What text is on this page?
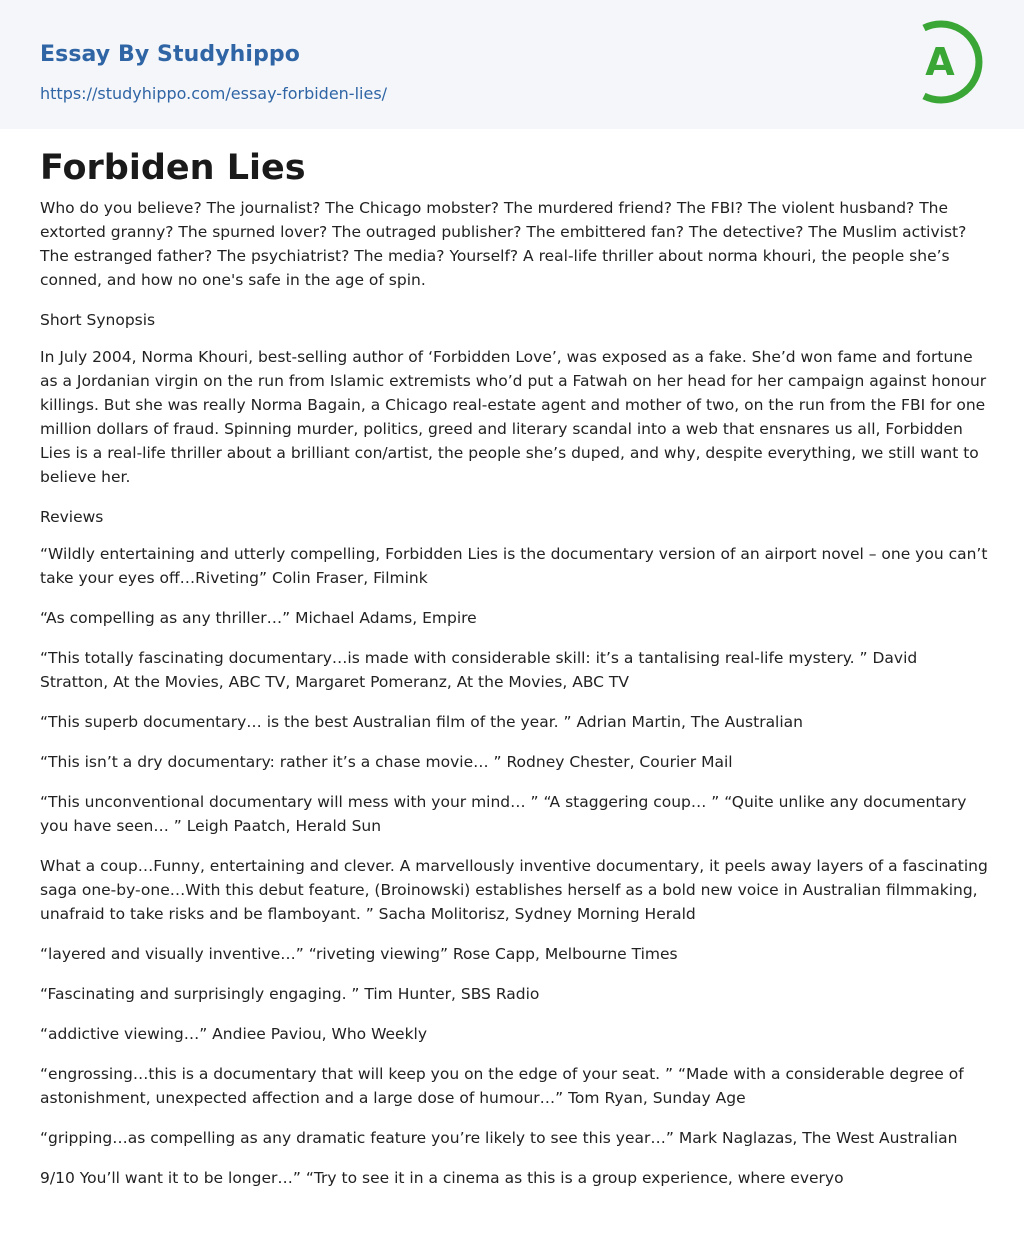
Essay By Studyhippo
https://studyhippo.com/essay-forbiden-lies/
A
Forbiden Lies

Who do you believe? The journalist? The Chicago mobster? The murdered friend? The FBI? The violent husband? The extorted granny? The spurned lover? The outraged publisher? The embittered fan? The detective? The Muslim activist? The estranged father? The psychiatrist? The media? Yourself? A real-life thriller about norma khouri, the people she’s conned, and how no one's safe in the age of spin.

Short Synopsis

In July 2004, Norma Khouri, best-selling author of ‘Forbidden Love’, was exposed as a fake. She’d won fame and fortune as a Jordanian virgin on the run from Islamic extremists who’d put a Fatwah on her head for her campaign against honour killings. But she was really Norma Bagain, a Chicago real-estate agent and mother of two, on the run from the FBI for one million dollars of fraud. Spinning murder, politics, greed and literary scandal into a web that ensnares us all, Forbidden Lies is a real-life thriller about a brilliant con/artist, the people she’s duped, and why, despite everything, we still want to believe her.

Reviews

“Wildly entertaining and utterly compelling, Forbidden Lies is the documentary version of an airport novel – one you can’t take your eyes off…Riveting” Colin Fraser, Filmink

“As compelling as any thriller…” Michael Adams, Empire

“This totally fascinating documentary…is made with considerable skill: it’s a tantalising real-life mystery. ” David Stratton, At the Movies, ABC TV, Margaret Pomeranz, At the Movies, ABC TV

“This superb documentary… is the best Australian film of the year. ” Adrian Martin, The Australian

“This isn’t a dry documentary: rather it’s a chase movie… ” Rodney Chester, Courier Mail

“This unconventional documentary will mess with your mind… ” “A staggering coup… ” “Quite unlike any documentary you have seen… ” Leigh Paatch, Herald Sun

What a coup…Funny, entertaining and clever. A marvellously inventive documentary, it peels away layers of a fascinating saga one-by-one…With this debut feature, (Broinowski) establishes herself as a bold new voice in Australian filmmaking, unafraid to take risks and be flamboyant. ” Sacha Molitorisz, Sydney Morning Herald

“layered and visually inventive…” “riveting viewing” Rose Capp, Melbourne Times

“Fascinating and surprisingly engaging. ” Tim Hunter, SBS Radio

“addictive viewing…” Andiee Paviou, Who Weekly

“engrossing…this is a documentary that will keep you on the edge of your seat. ” “Made with a considerable degree of astonishment, unexpected affection and a large dose of humour…” Tom Ryan, Sunday Age

“gripping…as compelling as any dramatic feature you’re likely to see this year…” Mark Naglazas, The West Australian

9/10 You’ll want it to be longer…” “Try to see it in a cinema as this is a group experience, where everyo
